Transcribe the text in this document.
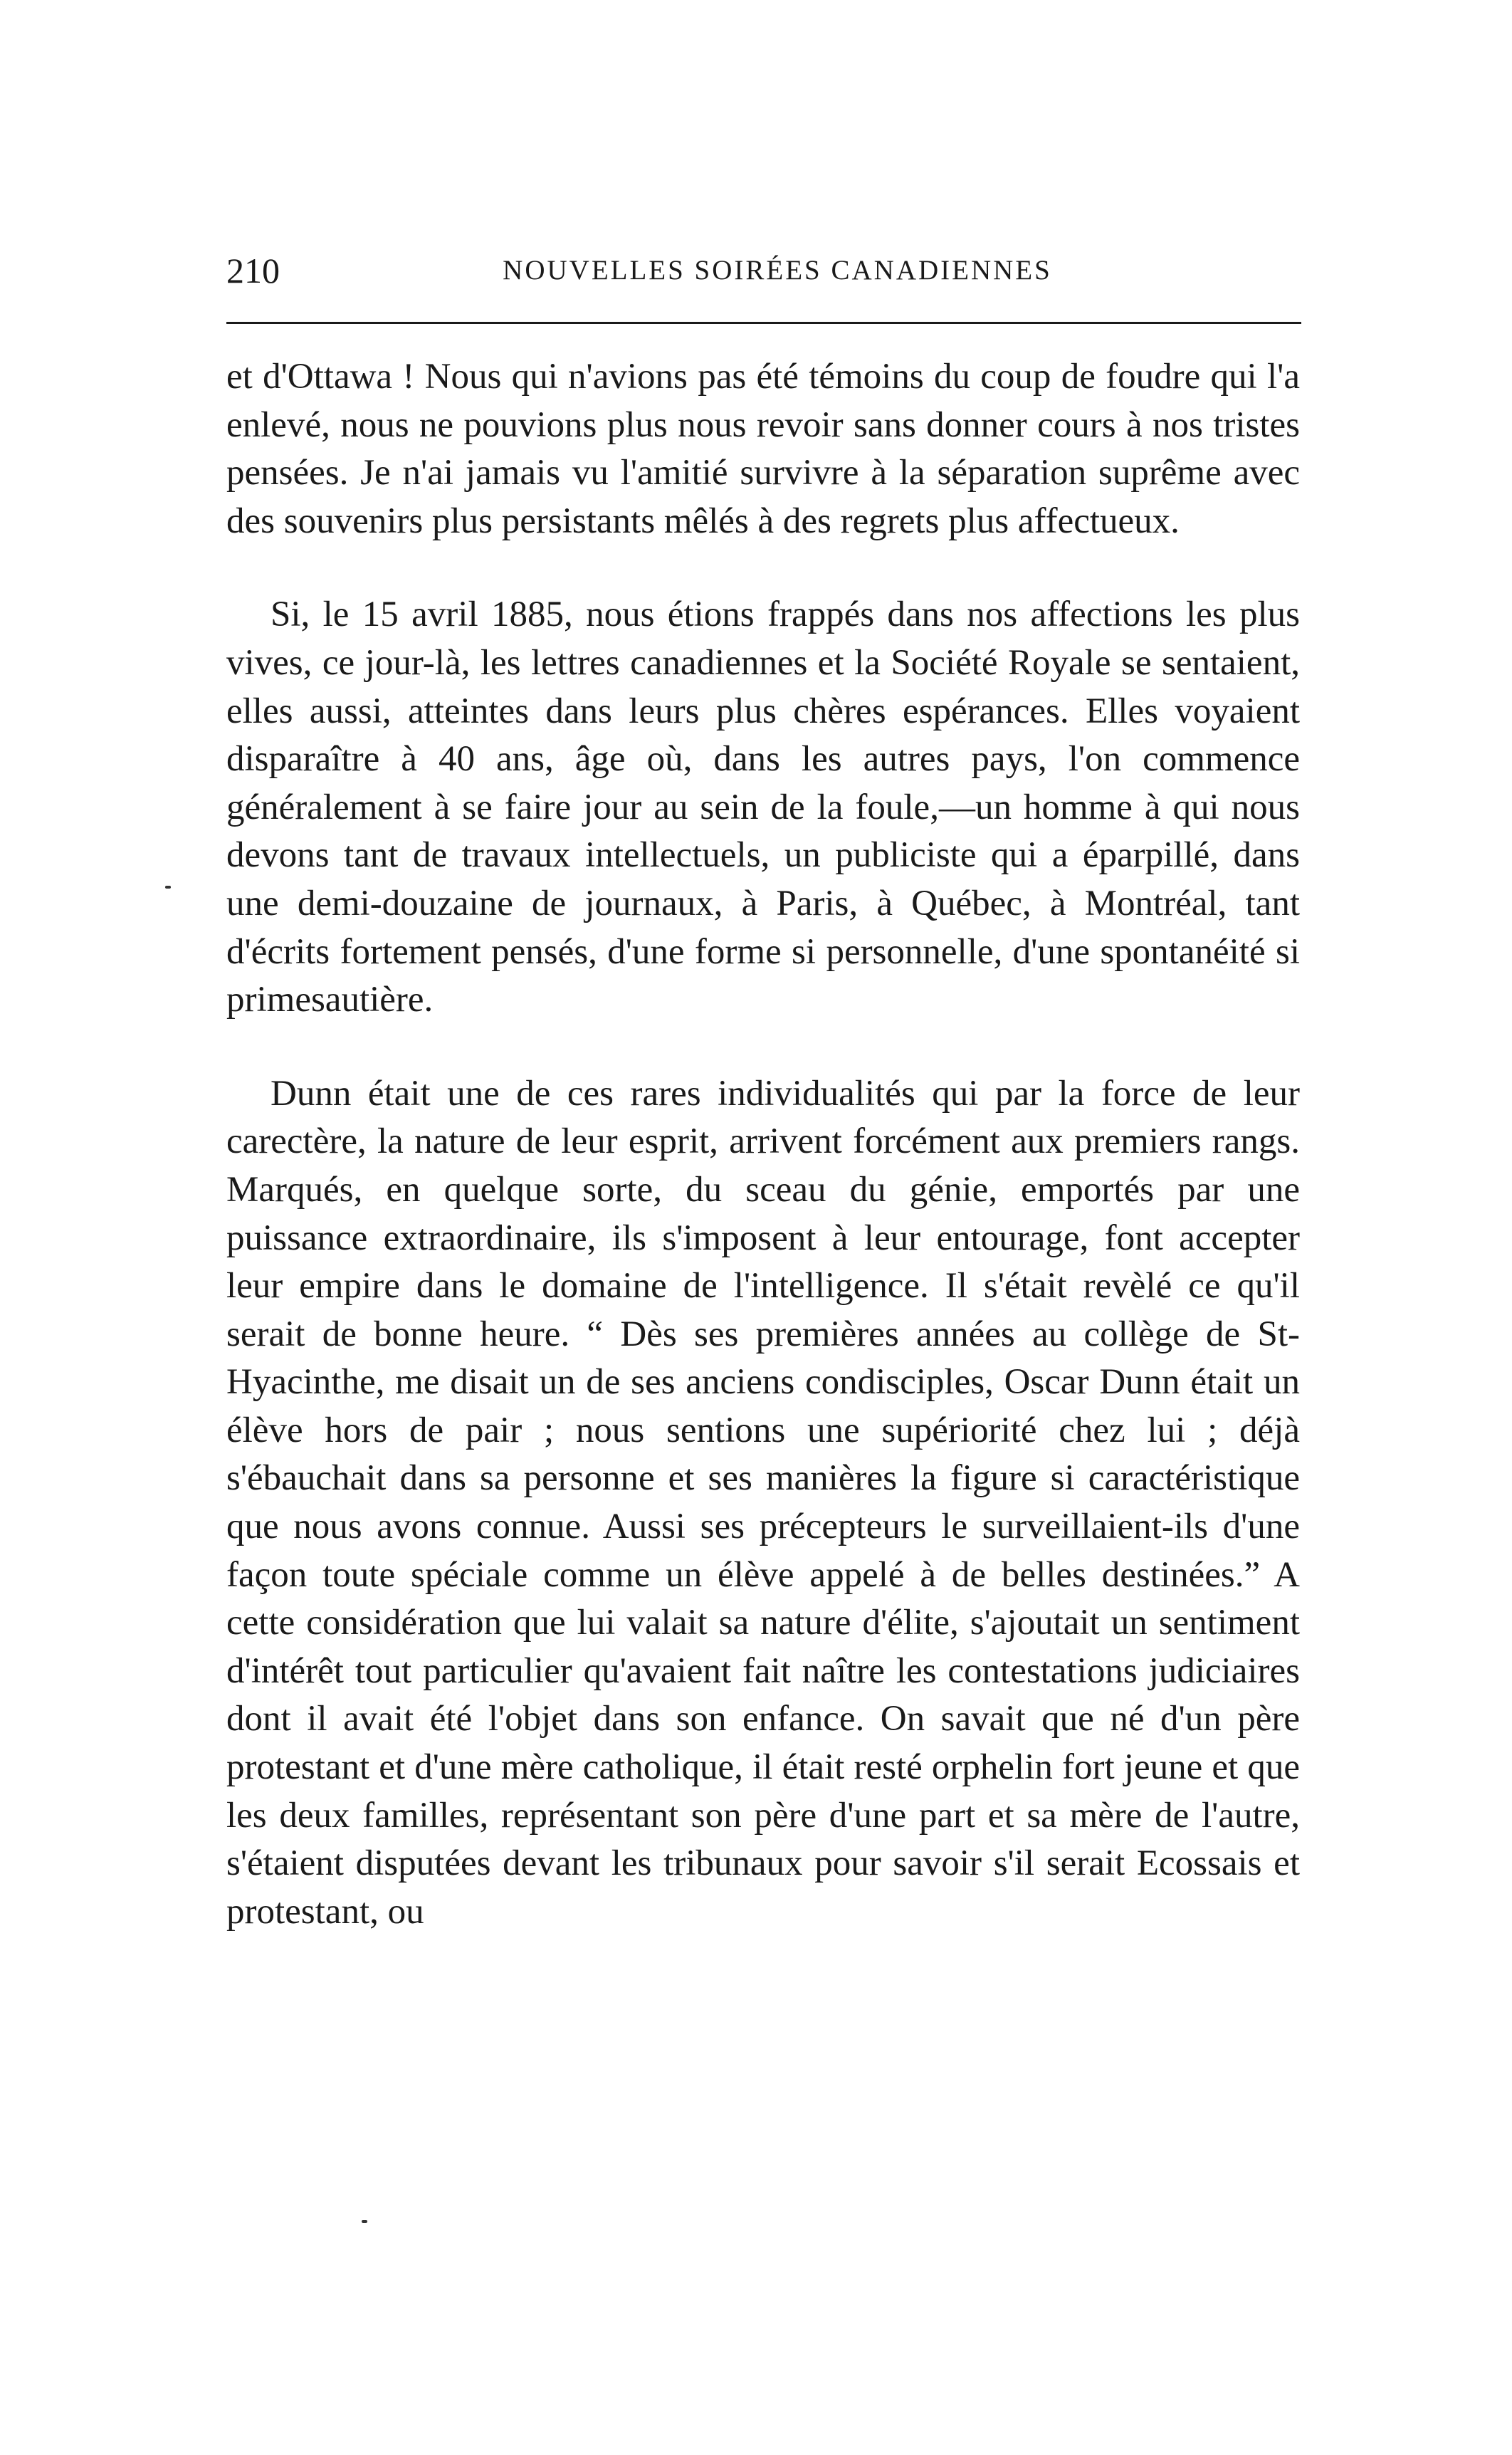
210	NOUVELLES SOIRÉES CANADIENNES

et d'Ottawa ! Nous qui n'avions pas été témoins du coup de foudre qui l'a enlevé, nous ne pouvions plus nous revoir sans donner cours à nos tristes pensées. Je n'ai jamais vu l'amitié survivre à la séparation suprême avec des souvenirs plus persistants mêlés à des regrets plus affectueux.

Si, le 15 avril 1885, nous étions frappés dans nos affections les plus vives, ce jour-là, les lettres canadiennes et la Société Royale se sentaient, elles aussi, atteintes dans leurs plus chères espérances. Elles voyaient disparaître à 40 ans, âge où, dans les autres pays, l'on commence généralement à se faire jour au sein de la foule,—un homme à qui nous devons tant de travaux intellectuels, un publiciste qui a éparpillé, dans une demi-douzaine de journaux, à Paris, à Québec, à Montréal, tant d'écrits fortement pensés, d'une forme si personnelle, d'une spontanéité si primesautière.

Dunn était une de ces rares individualités qui par la force de leur carectère, la nature de leur esprit, arrivent forcément aux premiers rangs. Marqués, en quelque sorte, du sceau du génie, emportés par une puissance extraordinaire, ils s'imposent à leur entourage, font accepter leur empire dans le domaine de l'intelligence. Il s'était revèlé ce qu'il serait de bonne heure. “ Dès ses premières années au collège de St-Hyacinthe, me disait un de ses anciens condisciples, Oscar Dunn était un élève hors de pair ; nous sentions une supériorité chez lui ; déjà s'ébauchait dans sa personne et ses manières la figure si caractéristique que nous avons connue. Aussi ses précepteurs le surveillaient-ils d'une façon toute spéciale comme un élève appelé à de belles destinées.” A cette considération que lui valait sa nature d'élite, s'ajoutait un sentiment d'intérêt tout particulier qu'avaient fait naître les contestations judiciaires dont il avait été l'objet dans son enfance. On savait que né d'un père protestant et d'une mère catholique, il était resté orphelin fort jeune et que les deux familles, représentant son père d'une part et sa mère de l'autre, s'étaient disputées devant les tribunaux pour savoir s'il serait Ecossais et protestant, ou
